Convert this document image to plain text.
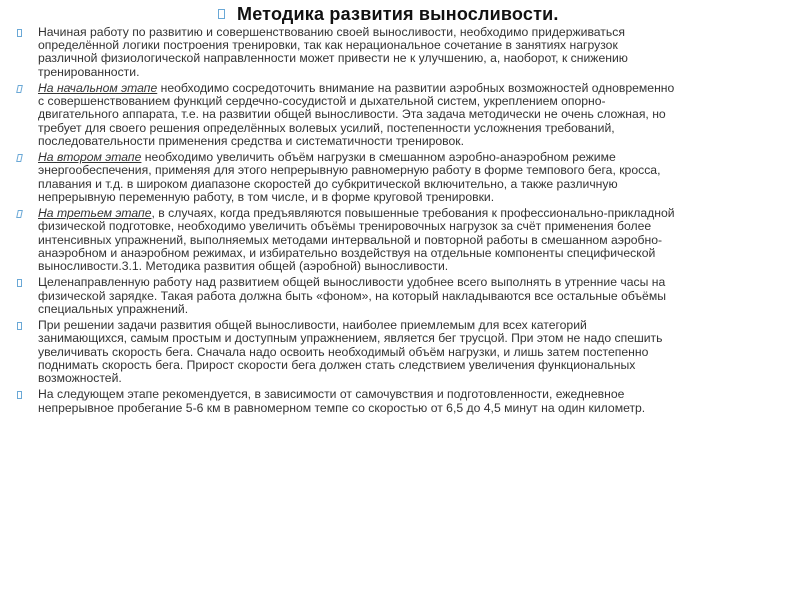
Методика развития выносливости.
Начиная работу по развитию и совершенствованию своей выносливости, необходимо придерживаться
определённой логики построения тренировки, так как нерациональное сочетание в занятиях нагрузок
различной физиологической направленности может привести не к улучшению, а, наоборот, к снижению
тренированности.
На начальном этапе необходимо сосредоточить внимание на развитии аэробных возможностей одновременно
с совершенствованием функций сердечно-сосудистой и дыхательной систем, укреплением опорно-
двигательного аппарата, т.е. на развитии общей выносливости. Эта задача методически не очень сложная, но
требует для своего решения определённых волевых усилий, постепенности усложнения требований,
последовательности применения средства и систематичности тренировок.
На втором этапе необходимо увеличить объём нагрузки в смешанном аэробно-анаэробном режиме
энергообеспечения, применяя для этого непрерывную равномерную работу в форме темпового бега, кросса,
плавания и т.д. в широком диапазоне скоростей до субкритической включительно, а также различную
непрерывную переменную работу, в том числе, и в форме круговой тренировки.
На третьем этапе, в случаях, когда предъявляются повышенные требования к профессионально-прикладной
физической подготовке, необходимо увеличить объёмы тренировочных нагрузок за счёт применения более
интенсивных упражнений, выполняемых методами интервальной и повторной работы в смешанном аэробно-
анаэробном и анаэробном режимах, и избирательно воздействуя на отдельные компоненты специфической
выносливости.3.1. Методика развития общей (аэробной) выносливости.
Целенаправленную работу над развитием общей выносливости удобнее всего выполнять в утренние часы на
физической зарядке. Такая работа должна быть «фоном», на который накладываются все остальные объёмы
специальных упражнений.
При решении задачи развития общей выносливости, наиболее приемлемым для всех категорий
занимающихся, самым простым и доступным упражнением, является бег трусцой. При этом не надо спешить
увеличивать скорость бега. Сначала надо освоить необходимый объём нагрузки, и лишь затем постепенно
поднимать скорость бега. Прирост скорости бега должен стать следствием увеличения функциональных
возможностей.
На следующем этапе рекомендуется, в зависимости от самочувствия и подготовленности, ежедневное
непрерывное пробегание 5-6 км в равномерном темпе со скоростью от 6,5 до 4,5 минут на один километр.
